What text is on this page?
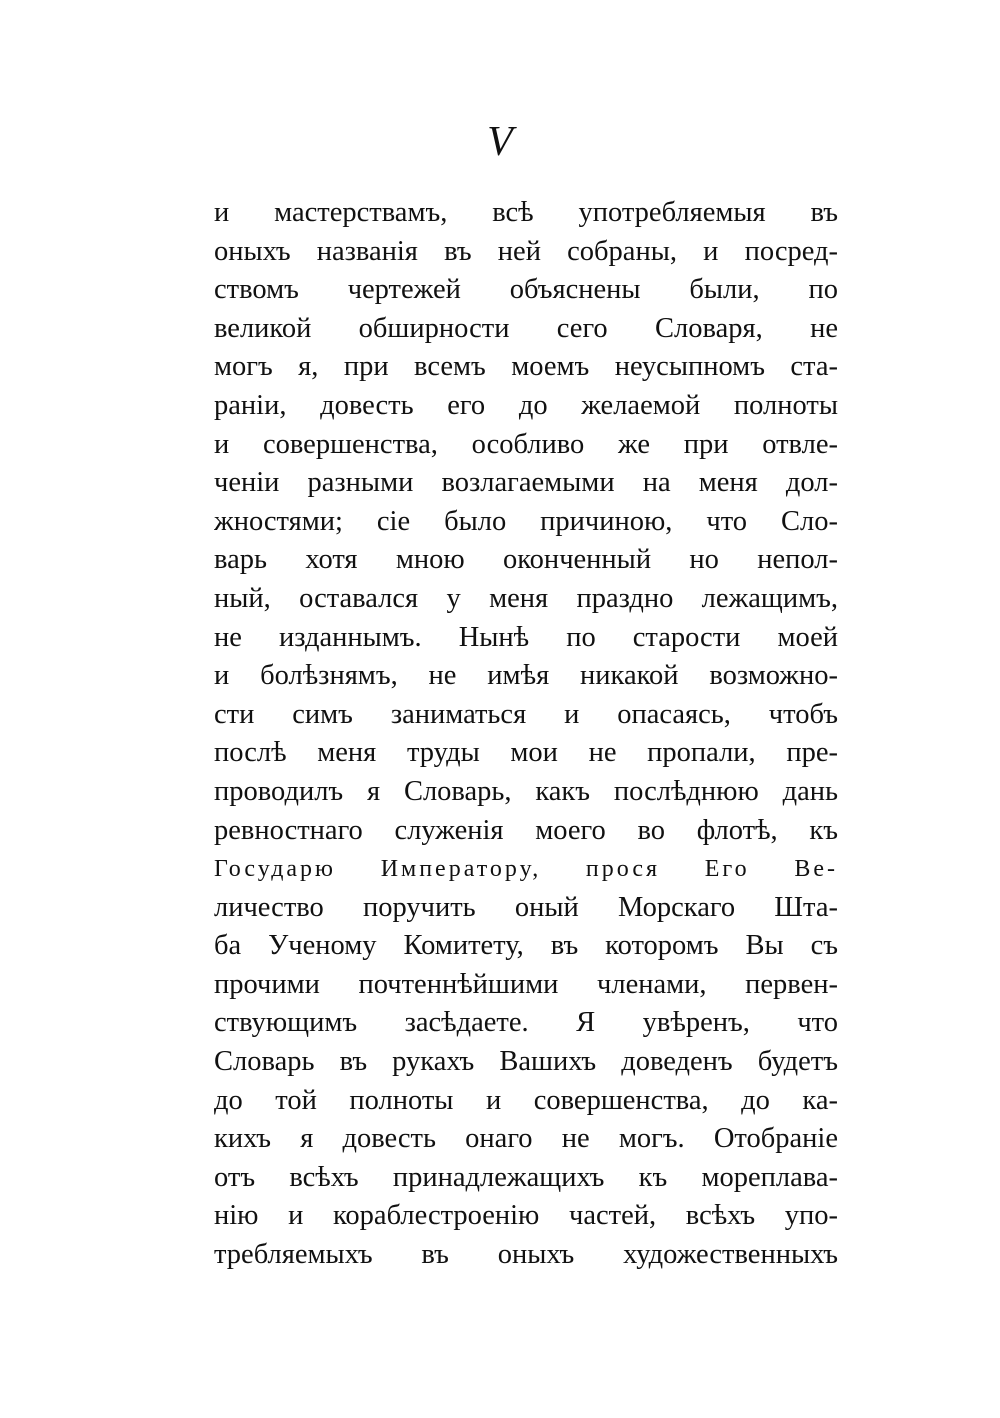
V
и мастерствамъ, всѣ употребляемыя въ
оныхъ названія въ ней собраны, и посред-
ствомъ чертежей объяснены были, по
великой обширности сего Словаря, не
могъ я, при всемъ моемъ неусыпномъ ста-
раніи, довесть его до желаемой полноты
и совершенства, особливо же при отвле-
ченіи разными возлагаемыми на меня дол-
жностями; сіе было причиною, что Сло-
варь хотя мною оконченный но непол-
ный, оставался у меня праздно лежащимъ,
не изданнымъ. Нынѣ по старости моей
и болѣзнямъ, не имѣя никакой возможно-
сти симъ заниматься и опасаясь, чтобъ
послѣ меня труды мои не пропали, пре-
проводилъ я Словарь, какъ послѣднюю дань
ревностнаго служенія моего во флотѣ, къ
Государю Императору, прося Его Ве-
личество поручить оный Морскаго Шта-
ба Ученому Комитету, въ которомъ Вы съ
прочими почтеннѣйшими членами, первен-
ствующимъ засѣдаете. Я увѣренъ, что
Словарь въ рукахъ Вашихъ доведенъ будетъ
до той полноты и совершенства, до ка-
кихъ я довесть онаго не могъ. Отобраніе
отъ всѣхъ принадлежащихъ къ мореплава-
нію и кораблестроенію частей, всѣхъ упо-
требляемыхъ въ оныхъ художественныхъ
